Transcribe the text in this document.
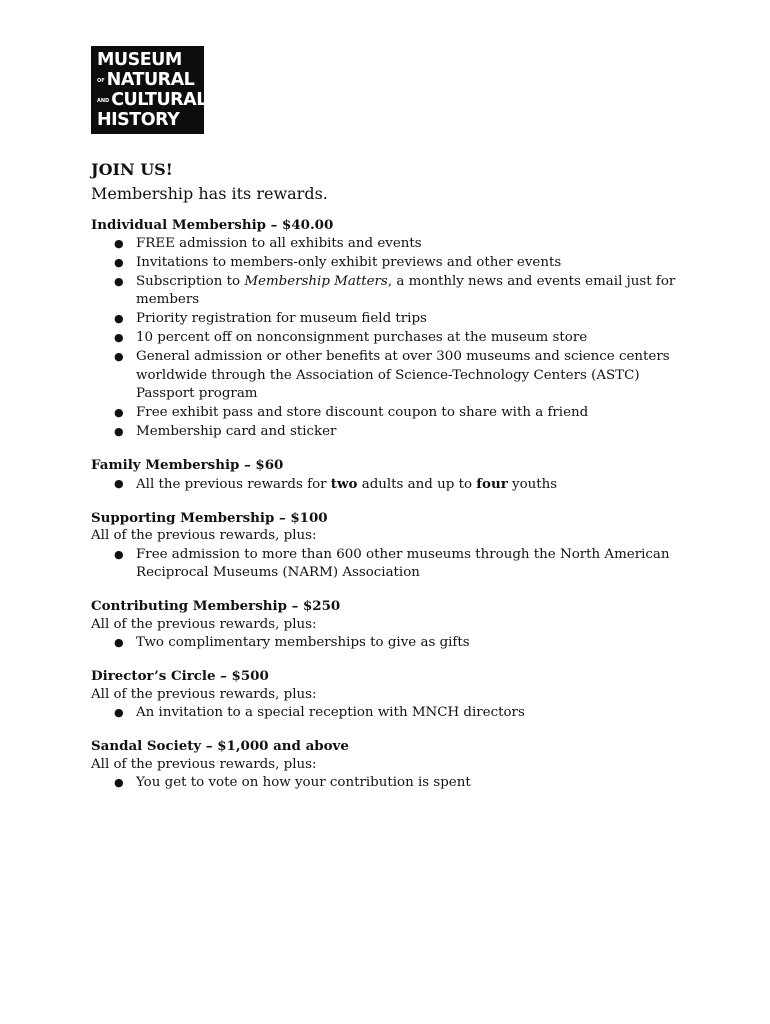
MUSEUM
OF NATURAL
AND CULTURAL
HISTORY
JOIN US!
Membership has its rewards.
Individual Membership – $40.00
● FREE admission to all exhibits and events
● Invitations to members-only exhibit previews and other events
● Subscription to Membership Matters, a monthly news and events email just for members
● Priority registration for museum field trips
● 10 percent off on nonconsignment purchases at the museum store
● General admission or other benefits at over 300 museums and science centers worldwide through the Association of Science-Technology Centers (ASTC) Passport program
● Free exhibit pass and store discount coupon to share with a friend
● Membership card and sticker
Family Membership – $60
● All the previous rewards for two adults and up to four youths
Supporting Membership – $100
All of the previous rewards, plus:
● Free admission to more than 600 other museums through the North American Reciprocal Museums (NARM) Association
Contributing Membership – $250
All of the previous rewards, plus:
● Two complimentary memberships to give as gifts
Director’s Circle – $500
All of the previous rewards, plus:
● An invitation to a special reception with MNCH directors
Sandal Society – $1,000 and above
All of the previous rewards, plus:
● You get to vote on how your contribution is spent
